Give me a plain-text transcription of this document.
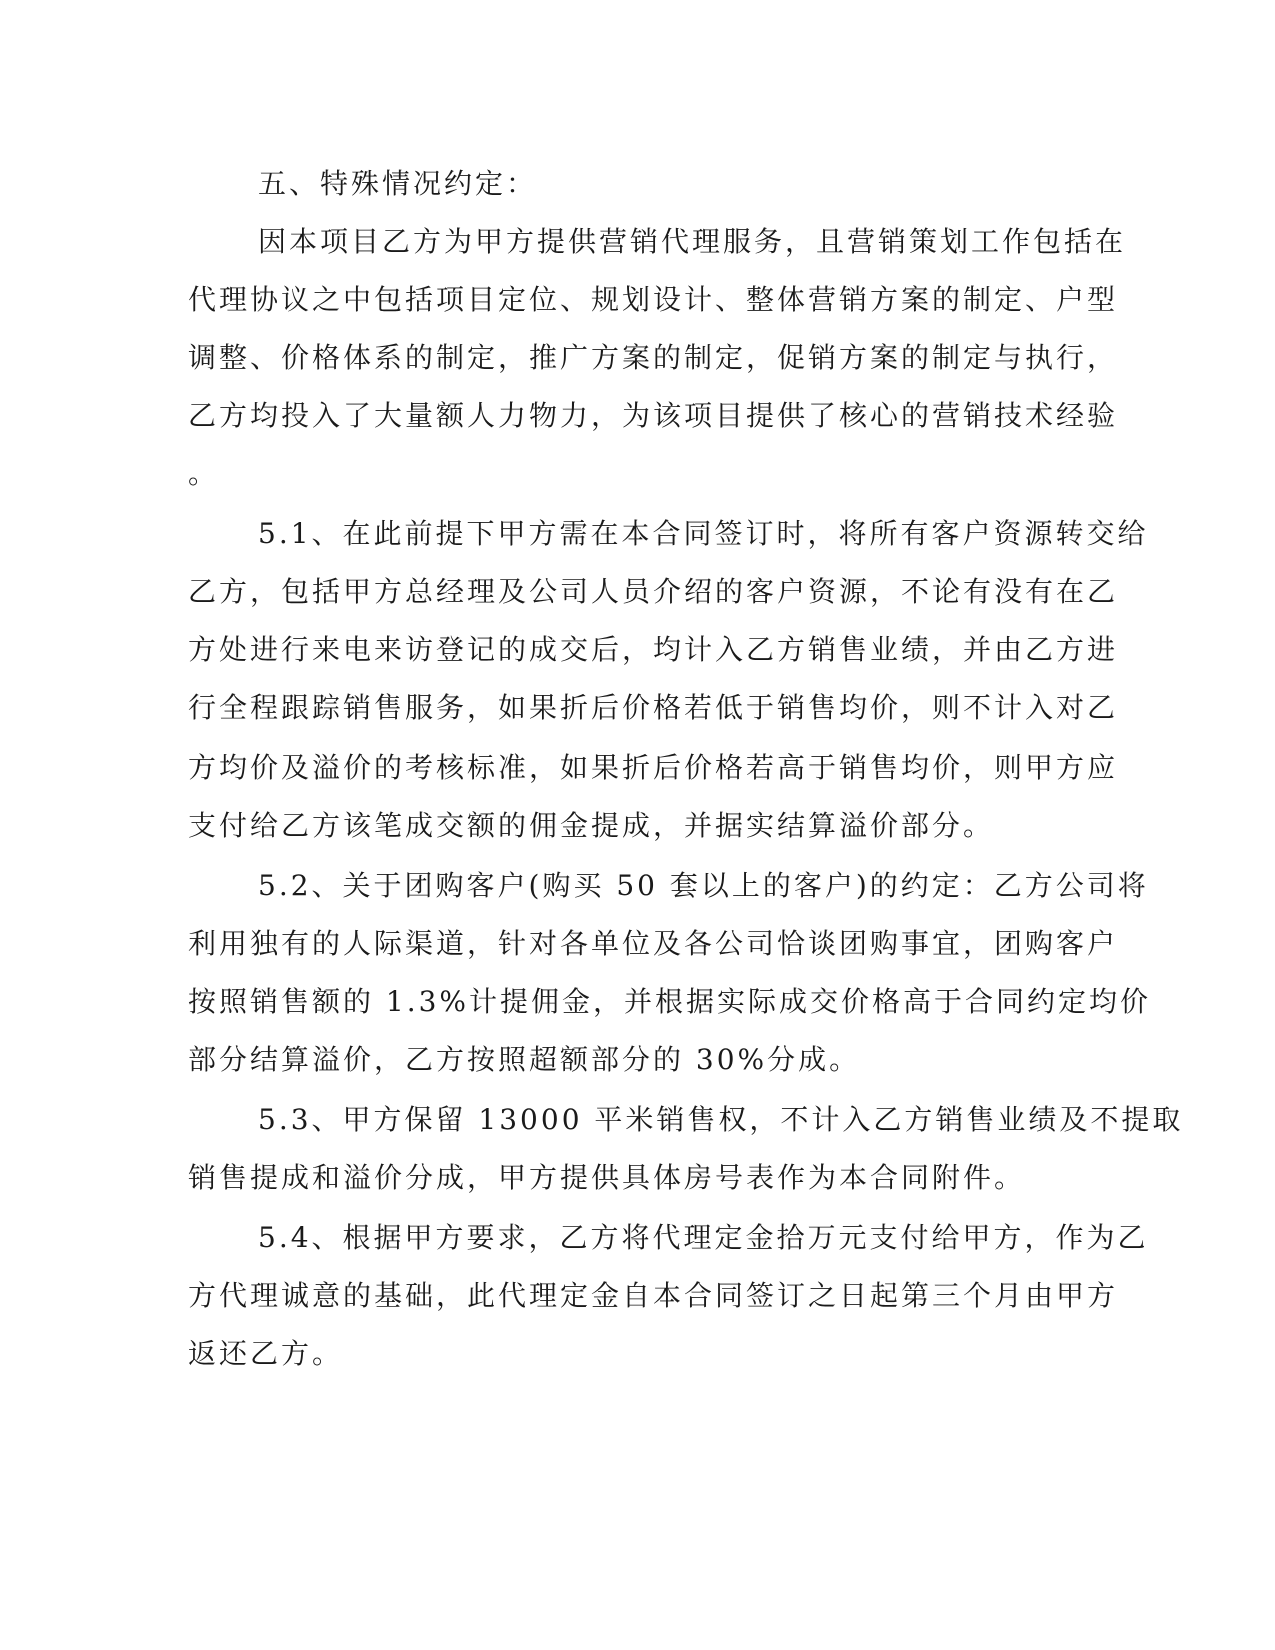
五、特殊情况约定：
因本项目乙方为甲方提供营销代理服务，且营销策划工作包括在
代理协议之中包括项目定位、规划设计、整体营销方案的制定、户型
调整、价格体系的制定，推广方案的制定，促销方案的制定与执行，
乙方均投入了大量额人力物力，为该项目提供了核心的营销技术经验
。
5.1、在此前提下甲方需在本合同签订时，将所有客户资源转交给
乙方，包括甲方总经理及公司人员介绍的客户资源，不论有没有在乙
方处进行来电来访登记的成交后，均计入乙方销售业绩，并由乙方进
行全程跟踪销售服务，如果折后价格若低于销售均价，则不计入对乙
方均价及溢价的考核标准，如果折后价格若高于销售均价，则甲方应
支付给乙方该笔成交额的佣金提成，并据实结算溢价部分。
5.2、关于团购客户(购买 50 套以上的客户)的约定：乙方公司将
利用独有的人际渠道，针对各单位及各公司恰谈团购事宜，团购客户
按照销售额的 1.3%计提佣金，并根据实际成交价格高于合同约定均价
部分结算溢价，乙方按照超额部分的 30%分成。
5.3、甲方保留 13000 平米销售权，不计入乙方销售业绩及不提取
销售提成和溢价分成，甲方提供具体房号表作为本合同附件。
5.4、根据甲方要求，乙方将代理定金拾万元支付给甲方，作为乙
方代理诚意的基础，此代理定金自本合同签订之日起第三个月由甲方
返还乙方。
